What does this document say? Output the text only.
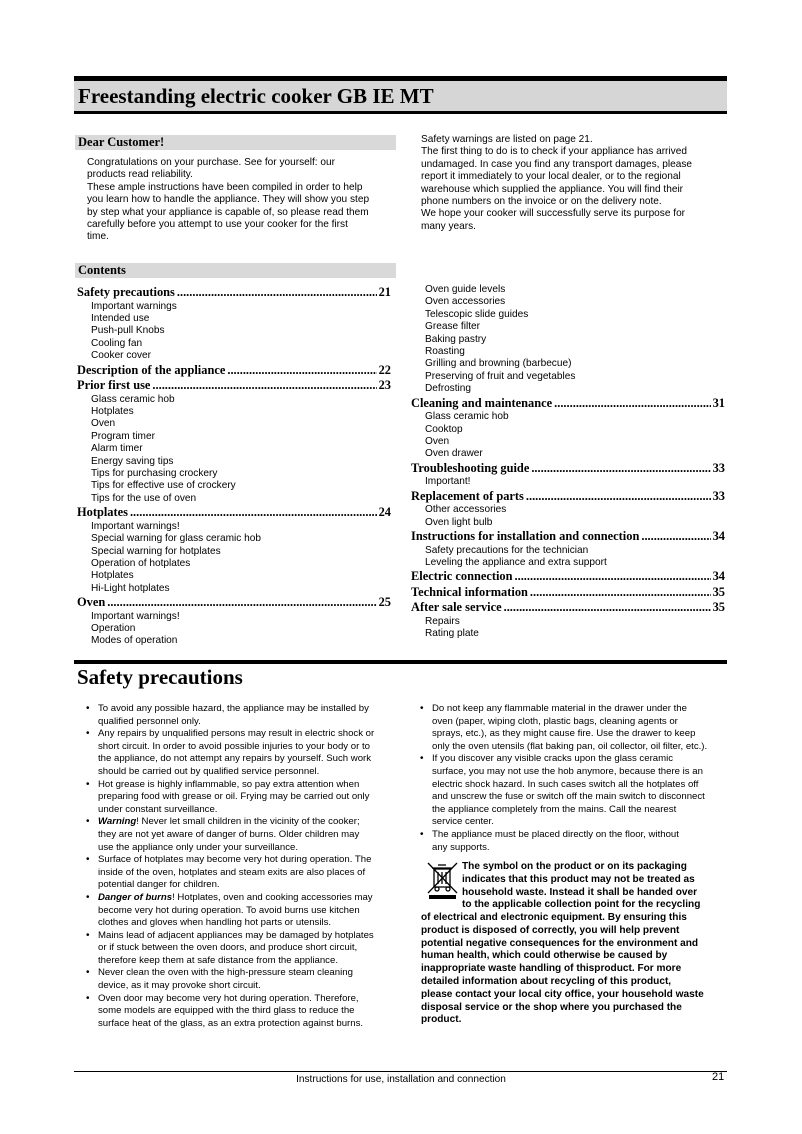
Freestanding electric cooker GB IE MT
Dear Customer!
Congratulations on your purchase. See for yourself: our
products read reliability.
These ample instructions have been compiled in order to help
you learn how to handle the appliance. They will show you step
by step what your appliance is capable of, so please read them
carefully before you attempt to use your cooker for the first
time.
Safety warnings are listed on page 21.
The first thing to do is to check if your appliance has arrived
undamaged. In case you find any transport damages, please
report it immediately to your local dealer, or to the regional
warehouse which supplied the appliance. You will find their
phone numbers on the invoice or on the delivery note.
We hope your cooker will successfully serve its purpose for
many years.
Contents
Safety precautions .....	21
Important warnings
Intended use
Push-pull Knobs
Cooling fan
Cooker cover
Description of the appliance .....	22
Prior first use .....	23
Glass ceramic hob
Hotplates
Oven
Program timer
Alarm timer
Energy saving tips
Tips for purchasing crockery
Tips for effective use of crockery
Tips for the use of oven
Hotplates .....	24
Important warnings!
Special warning for glass ceramic hob
Special warning for hotplates
Operation of hotplates
Hotplates
Hi-Light hotplates
Oven .....	25
Important warnings!
Operation
Modes of operation
Oven guide levels
Oven accessories
Telescopic slide guides
Grease filter
Baking pastry
Roasting
Grilling and browning (barbecue)
Preserving of fruit and vegetables
Defrosting
Cleaning and maintenance .....	31
Glass ceramic hob
Cooktop
Oven
Oven drawer
Troubleshooting guide .....	33
Important!
Replacement of parts .....	33
Other accessories
Oven light bulb
Instructions for installation and connection .....	34
Safety precautions for the technician
Leveling the appliance and extra support
Electric connection .....	34
Technical information .....	35
After sale service .....	35
Repairs
Rating plate
Safety precautions
• To avoid any possible hazard, the appliance may be installed by
qualified personnel only.
• Any repairs by unqualified persons may result in electric shock or
short circuit. In order to avoid possible injuries to your body or to
the appliance, do not attempt any repairs by yourself. Such work
should be carried out by qualified service personnel.
• Hot grease is highly inflammable, so pay extra attention when
preparing food with grease or oil. Frying may be carried out only
under constant surveillance.
• Warning! Never let small children in the vicinity of the cooker;
they are not yet aware of danger of burns. Older children may
use the appliance only under your surveillance.
• Surface of hotplates may become very hot during operation. The
inside of the oven, hotplates and steam exits are also places of
potential danger for children.
• Danger of burns! Hotplates, oven and cooking accessories may
become very hot during operation. To avoid burns use kitchen
clothes and gloves when handling hot parts or utensils.
• Mains lead of adjacent appliances may be damaged by hotplates
or if stuck between the oven doors, and produce short circuit,
therefore keep them at safe distance from the appliance.
• Never clean the oven with the high-pressure steam cleaning
device, as it may provoke short circuit.
• Oven door may become very hot during operation. Therefore,
some models are equipped with the third glass to reduce the
surface heat of the glass, as an extra protection against burns.
• Do not keep any flammable material in the drawer under the
oven (paper, wiping cloth, plastic bags, cleaning agents or
sprays, etc.), as they might cause fire. Use the drawer to keep
only the oven utensils (flat baking pan, oil collector, oil filter, etc.).
• If you discover any visible cracks upon the glass ceramic
surface, you may not use the hob anymore, because there is an
electric shock hazard. In such cases switch all the hotplates off
and unscrew the fuse or switch off the main switch to disconnect
the appliance completely from the mains. Call the nearest
service center.
• The appliance must be placed directly on the floor, without
any supports.
The symbol on the product or on its packaging
indicates that this product may not be treated as
household waste. Instead it shall be handed over
to the applicable collection point for the recycling
of electrical and electronic equipment. By ensuring this
product is disposed of correctly, you will help prevent
potential negative consequences for the environment and
human health, which could otherwise be caused by
inappropriate waste handling of thisproduct. For more
detailed information about recycling of this product,
please contact your local city office, your household waste
disposal service or the shop where you purchased the
product.
Instructions for use, installation and connection	21
